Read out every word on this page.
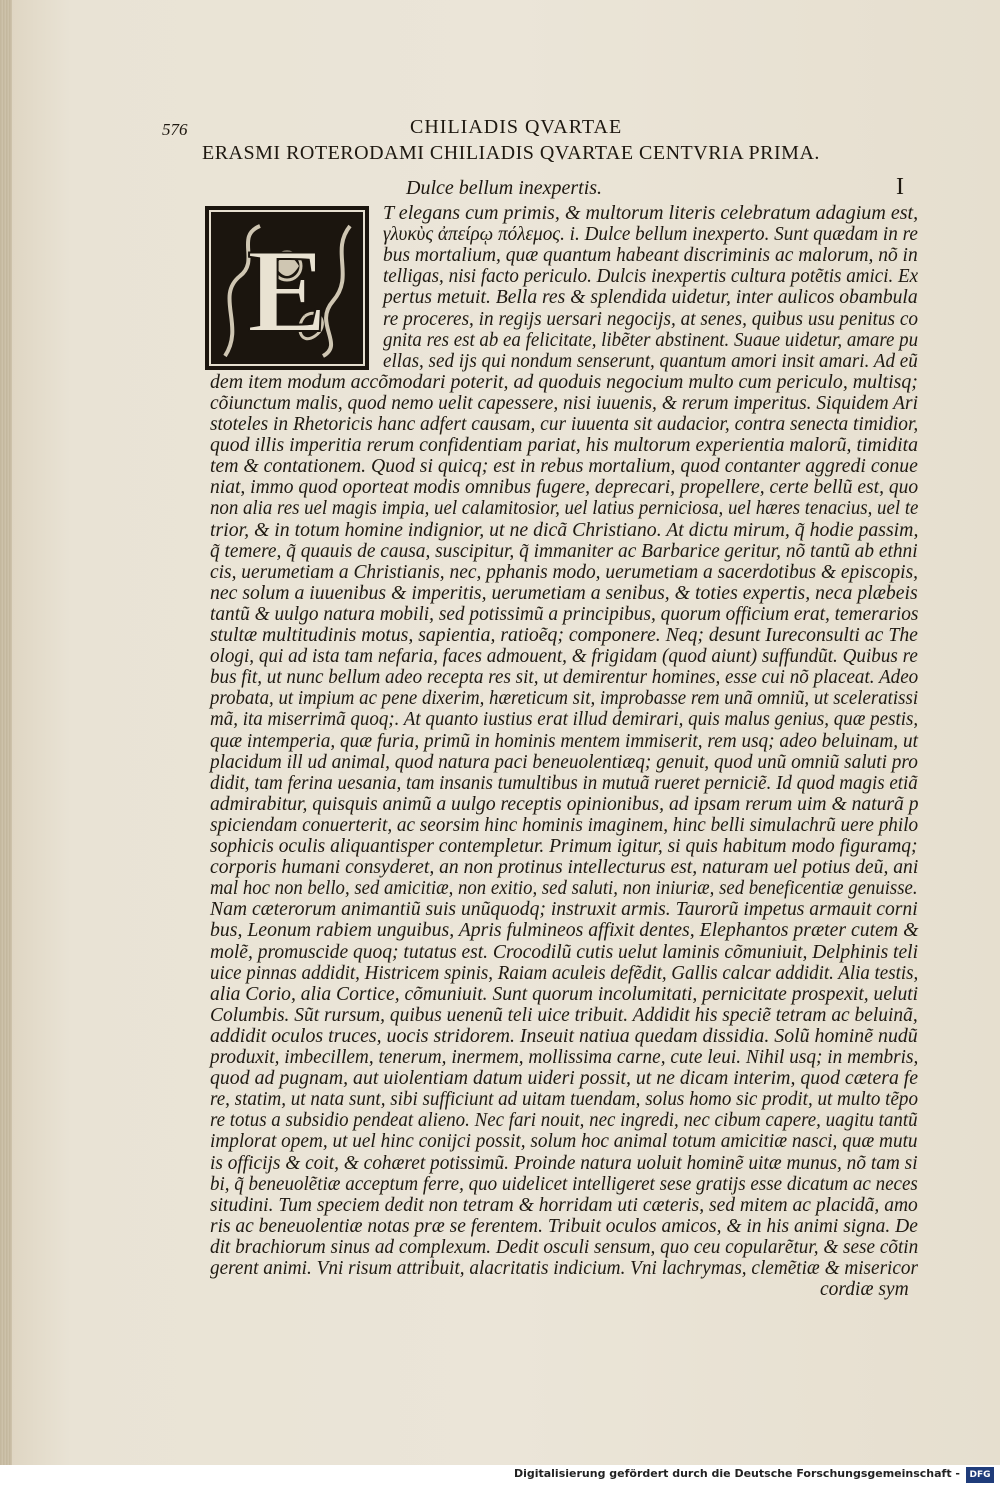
576	CHILIADIS QVARTAE
ERASMI ROTERODAMI CHILIADIS QVARTAE CENTVRIA PRIMA.
Dulce bellum inexpertis.	I
E
T elegans cum primis, & multorum literis celebratum adagium est,
γλυκὺς ἀπείρῳ πόλεμος. i. Dulce bellum inexperto. Sunt quædam in re
bus mortalium, quæ quantum habeant discriminis ac malorum, nõ in
telligas, nisi facto periculo. Dulcis inexpertis cultura potẽtis amici. Ex
pertus metuit. Bella res & splendida uidetur, inter aulicos obambula
re proceres, in regijs uersari negocijs, at senes, quibus usu penitus co
gnita res est ab ea felicitate, libẽter abstinent. Suaue uidetur, amare pu
ellas, sed ijs qui nondum senserunt, quantum amori insit amari. Ad eũ
dem item modum accõmodari poterit, ad quoduis negocium multo cum periculo, multisq;
cõiunctum malis, quod nemo uelit capessere, nisi iuuenis, & rerum imperitus. Siquidem Ari
stoteles in Rhetoricis hanc adfert causam, cur iuuenta sit audacior, contra senecta timidior,
quod illis imperitia rerum confidentiam pariat, his multorum experientia malorũ, timidita
tem & contationem. Quod si quicq; est in rebus mortalium, quod contanter aggredi conue
niat, immo quod oporteat modis omnibus fugere, deprecari, propellere, certe bellũ est, quo
non alia res uel magis impia, uel calamitosior, uel latius perniciosa, uel hæres tenacius, uel te
trior, & in totum homine indignior, ut ne dicã Christiano. At dictu mirum, q̃ hodie passim,
q̃ temere, q̃ quauis de causa, suscipitur, q̃ immaniter ac Barbarice geritur, nõ tantũ ab ethni
cis, uerumetiam a Christianis, nec, pphanis modo, uerumetiam a sacerdotibus & episcopis,
nec solum a iuuenibus & imperitis, uerumetiam a senibus, & toties expertis, neca plæbeis
tantũ & uulgo natura mobili, sed potissimũ a principibus, quorum officium erat, temerarios
stultæ multitudinis motus, sapientia, ratioẽq; componere. Neq; desunt Iureconsulti ac The
ologi, qui ad ista tam nefaria, faces admouent, & frigidam (quod aiunt) suffundũt. Quibus re
bus fit, ut nunc bellum adeo recepta res sit, ut demirentur homines, esse cui nõ placeat. Adeo
probata, ut impium ac pene dixerim, hæreticum sit, improbasse rem unã omniũ, ut sceleratissi
mã, ita miserrimã quoq;. At quanto iustius erat illud demirari, quis malus genius, quæ pestis,
quæ intemperia, quæ furia, primũ in hominis mentem immiserit, rem usq; adeo beluinam, ut
placidum ill ud animal, quod natura paci beneuolentiæq; genuit, quod unũ omniũ saluti pro
didit, tam ferina uesania, tam insanis tumultibus in mutuã rueret perniciẽ. Id quod magis etiã
admirabitur, quisquis animũ a uulgo receptis opinionibus, ad ipsam rerum uim & naturã p
spiciendam conuerterit, ac seorsim hinc hominis imaginem, hinc belli simulachrũ uere philo
sophicis oculis aliquantisper contempletur. Primum igitur, si quis habitum modo figuramq;
corporis humani consyderet, an non protinus intellecturus est, naturam uel potius deũ, ani
mal hoc non bello, sed amicitiæ, non exitio, sed saluti, non iniuriæ, sed beneficentiæ genuisse.
Nam cæterorum animantiũ suis unũquodq; instruxit armis. Taurorũ impetus armauit corni
bus, Leonum rabiem unguibus, Apris fulmineos affixit dentes, Elephantos præter cutem &
molẽ, promuscide quoq; tutatus est. Crocodilũ cutis uelut laminis cõmuniuit, Delphinis teli
uice pinnas addidit, Histricem spinis, Raiam aculeis defẽdit, Gallis calcar addidit. Alia testis,
alia Corio, alia Cortice, cõmuniuit. Sunt quorum incolumitati, pernicitate prospexit, ueluti
Columbis. Sũt rursum, quibus uenenũ teli uice tribuit. Addidit his speciẽ tetram ac beluinã,
addidit oculos truces, uocis stridorem. Inseuit natiua quedam dissidia. Solũ hominẽ nudũ
produxit, imbecillem, tenerum, inermem, mollissima carne, cute leui. Nihil usq; in membris,
quod ad pugnam, aut uiolentiam datum uideri possit, ut ne dicam interim, quod cætera fe
re, statim, ut nata sunt, sibi sufficiunt ad uitam tuendam, solus homo sic prodit, ut multo tẽpo
re totus a subsidio pendeat alieno. Nec fari nouit, nec ingredi, nec cibum capere, uagitu tantũ
implorat opem, ut uel hinc conijci possit, solum hoc animal totum amicitiæ nasci, quæ mutu
is officijs & coit, & cohæret potissimũ. Proinde natura uoluit hominẽ uitæ munus, nõ tam si
bi, q̃ beneuolẽtiæ acceptum ferre, quo uidelicet intelligeret sese gratijs esse dicatum ac neces
situdini. Tum speciem dedit non tetram & horridam uti cæteris, sed mitem ac placidã, amo
ris ac beneuolentiæ notas præ se ferentem. Tribuit oculos amicos, & in his animi signa. De
dit brachiorum sinus ad complexum. Dedit osculi sensum, quo ceu copularẽtur, & sese cõtin
gerent animi. Vni risum attribuit, alacritatis indicium. Vni lachrymas, clemẽtiæ & misericor
cordiæ sym
Digitalisierung gefördert durch die Deutsche Forschungsgemeinschaft -	DFG
